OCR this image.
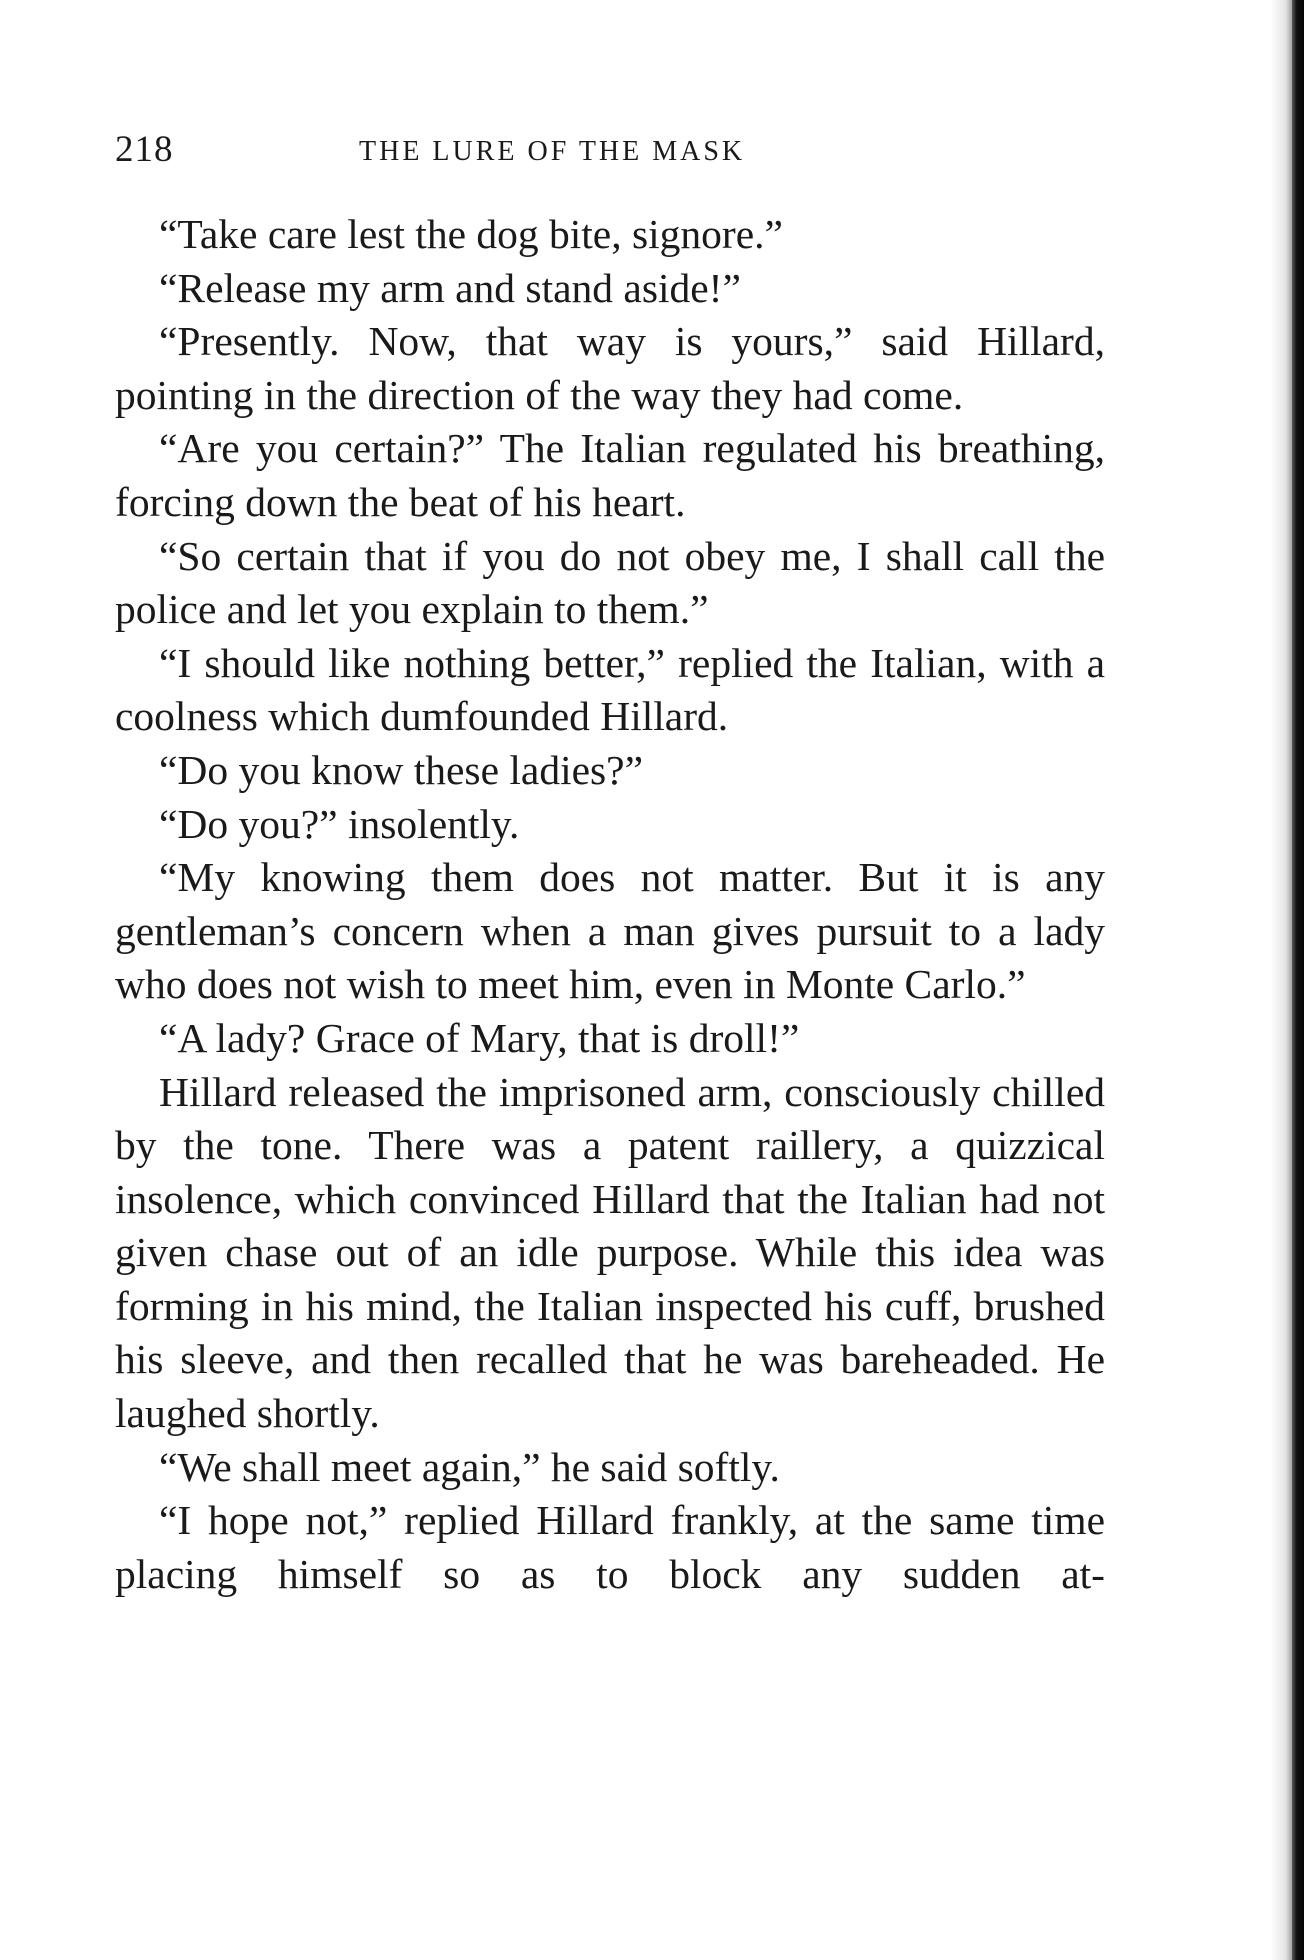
218	THE LURE OF THE MASK

“Take care lest the dog bite, signore.”

“Release my arm and stand aside!”

“Presently. Now, that way is yours,” said Hillard, pointing in the direction of the way they had come.

“Are you certain?” The Italian regulated his breathing, forcing down the beat of his heart.

“So certain that if you do not obey me, I shall call the police and let you explain to them.”

“I should like nothing better,” replied the Italian, with a coolness which dumfounded Hillard.

“Do you know these ladies?”

“Do you?” insolently.

“My knowing them does not matter. But it is any gentleman’s concern when a man gives pursuit to a lady who does not wish to meet him, even in Monte Carlo.”

“A lady? Grace of Mary, that is droll!”

Hillard released the imprisoned arm, consciously chilled by the tone. There was a patent raillery, a quizzical insolence, which convinced Hillard that the Italian had not given chase out of an idle purpose. While this idea was forming in his mind, the Italian inspected his cuff, brushed his sleeve, and then recalled that he was bareheaded. He laughed shortly.

“We shall meet again,” he said softly.

“I hope not,” replied Hillard frankly, at the same time placing himself so as to block any sudden at-
